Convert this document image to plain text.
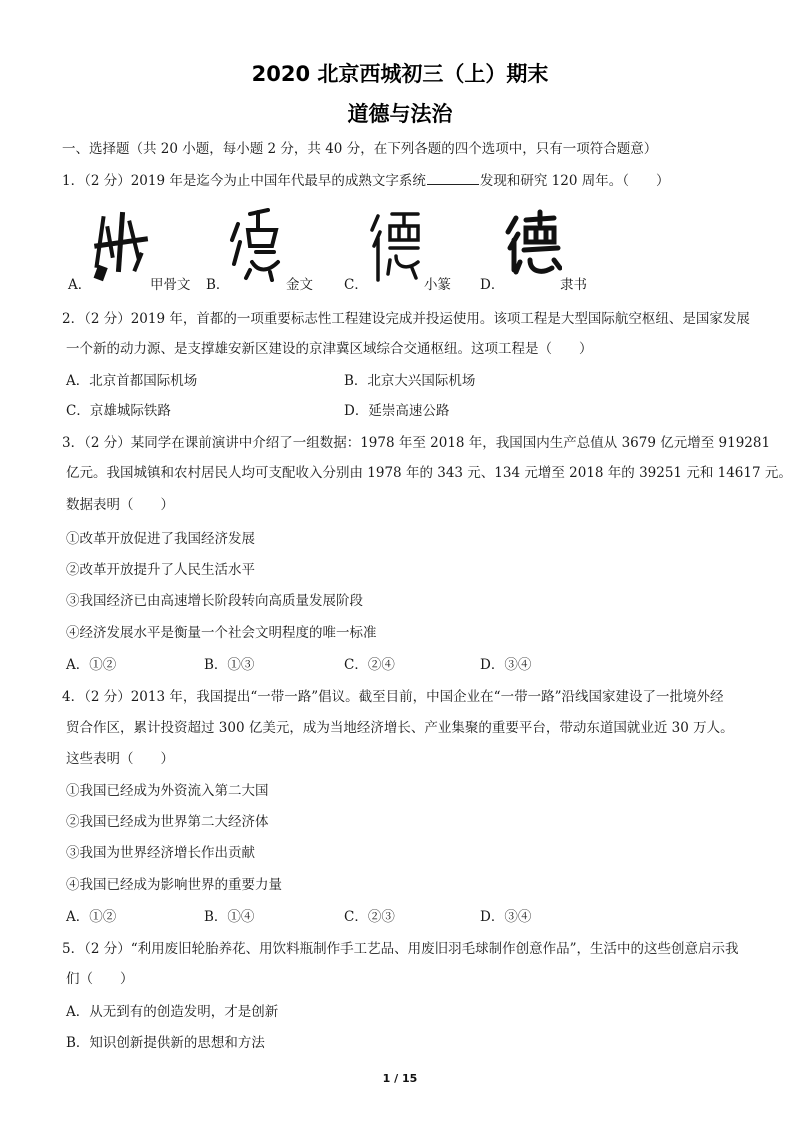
2020 北京西城初三（上）期末
道德与法治
一、选择题（共 20 小题，每小题 2 分，共 40 分，在下列各题的四个选项中，只有一项符合题意）
1．（2 分）2019 年是迄今为止中国年代最早的成熟文字系统	发现和研究 120 周年。（　　）
A．	甲骨文 B．	金文 C．	小篆 D．	隶书
2．（2 分）2019 年，首都的一项重要标志性工程建设完成并投运使用。该项工程是大型国际航空枢纽、是国家发展
一个新的动力源、是支撑雄安新区建设的京津冀区域综合交通枢纽。这项工程是（　　）
A．北京首都国际机场	B．北京大兴国际机场
C．京雄城际铁路	D．延崇高速公路
3．（2 分）某同学在课前演讲中介绍了一组数据：1978 年至 2018 年，我国国内生产总值从 3679 亿元增至 919281
亿元。我国城镇和农村居民人均可支配收入分别由 1978 年的 343 元、134 元增至 2018 年的 39251 元和 14617 元。
数据表明（　　）
①改革开放促进了我国经济发展
②改革开放提升了人民生活水平
③我国经济已由高速增长阶段转向高质量发展阶段
④经济发展水平是衡量一个社会文明程度的唯一标准
A．①②	B．①③	C．②④	D．③④
4．（2 分）2013 年，我国提出“一带一路”倡议。截至目前，中国企业在“一带一路”沿线国家建设了一批境外经
贸合作区，累计投资超过 300 亿美元，成为当地经济增长、产业集聚的重要平台，带动东道国就业近 30 万人。
这些表明（　　）
①我国已经成为外资流入第二大国
②我国已经成为世界第二大经济体
③我国为世界经济增长作出贡献
④我国已经成为影响世界的重要力量
A．①②	B．①④	C．②③	D．③④
5．（2 分）“利用废旧轮胎养花、用饮料瓶制作手工艺品、用废旧羽毛球制作创意作品”，生活中的这些创意启示我
们（　　）
A．从无到有的创造发明，才是创新
B．知识创新提供新的思想和方法
1 / 15
